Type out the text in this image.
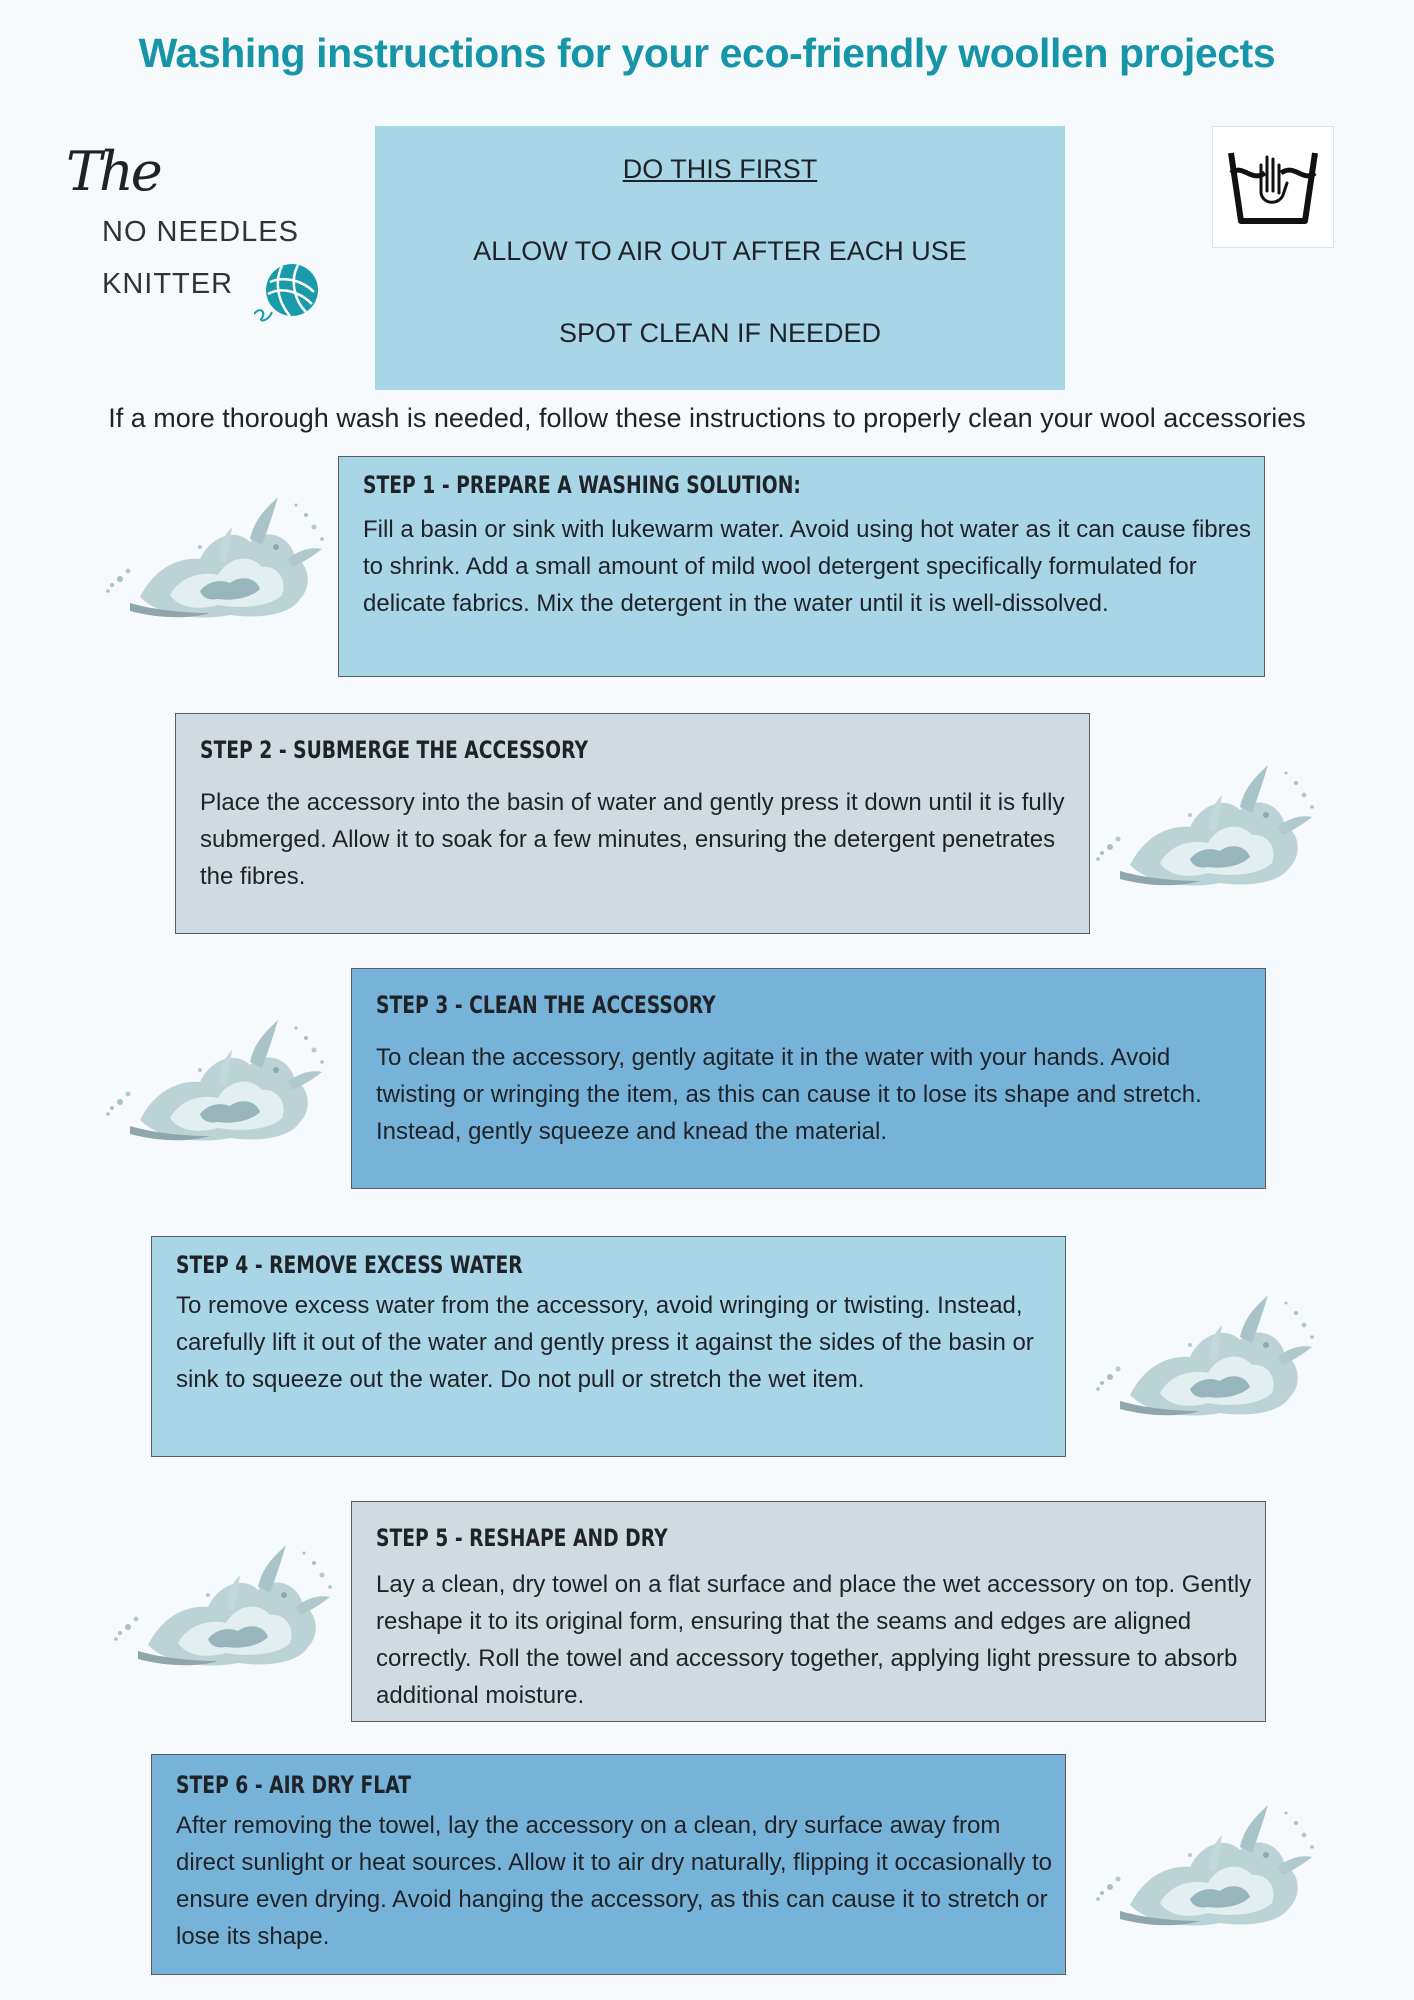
Washing instructions for your eco-friendly woollen projects
The
NO NEEDLES
KNITTER
DO THIS FIRST
ALLOW TO AIR OUT AFTER EACH USE
SPOT CLEAN IF NEEDED
If a more thorough wash is needed, follow these instructions to properly clean your wool accessories
STEP 1 - PREPARE A WASHING SOLUTION:
Fill a basin or sink with lukewarm water. Avoid using hot water as it can cause fibres to shrink. Add a small amount of mild wool detergent specifically formulated for delicate fabrics. Mix the detergent in the water until it is well-dissolved.
STEP 2 - SUBMERGE THE ACCESSORY
Place the accessory into the basin of water and gently press it down until it is fully submerged. Allow it to soak for a few minutes, ensuring the detergent penetrates the fibres.
STEP 3 - CLEAN THE ACCESSORY
To clean the accessory, gently agitate it in the water with your hands. Avoid twisting or wringing the item, as this can cause it to lose its shape and stretch. Instead, gently squeeze and knead the material.
STEP 4 - REMOVE EXCESS WATER
To remove excess water from the accessory, avoid wringing or twisting. Instead, carefully lift it out of the water and gently press it against the sides of the basin or sink to squeeze out the water. Do not pull or stretch the wet item.
STEP 5 - RESHAPE AND DRY
Lay a clean, dry towel on a flat surface and place the wet accessory on top. Gently reshape it to its original form, ensuring that the seams and edges are aligned correctly. Roll the towel and accessory together, applying light pressure to absorb additional moisture.
STEP 6 - AIR DRY FLAT
After removing the towel, lay the accessory on a clean, dry surface away from direct sunlight or heat sources. Allow it to air dry naturally, flipping it occasionally to ensure even drying. Avoid hanging the accessory, as this can cause it to stretch or lose its shape.
